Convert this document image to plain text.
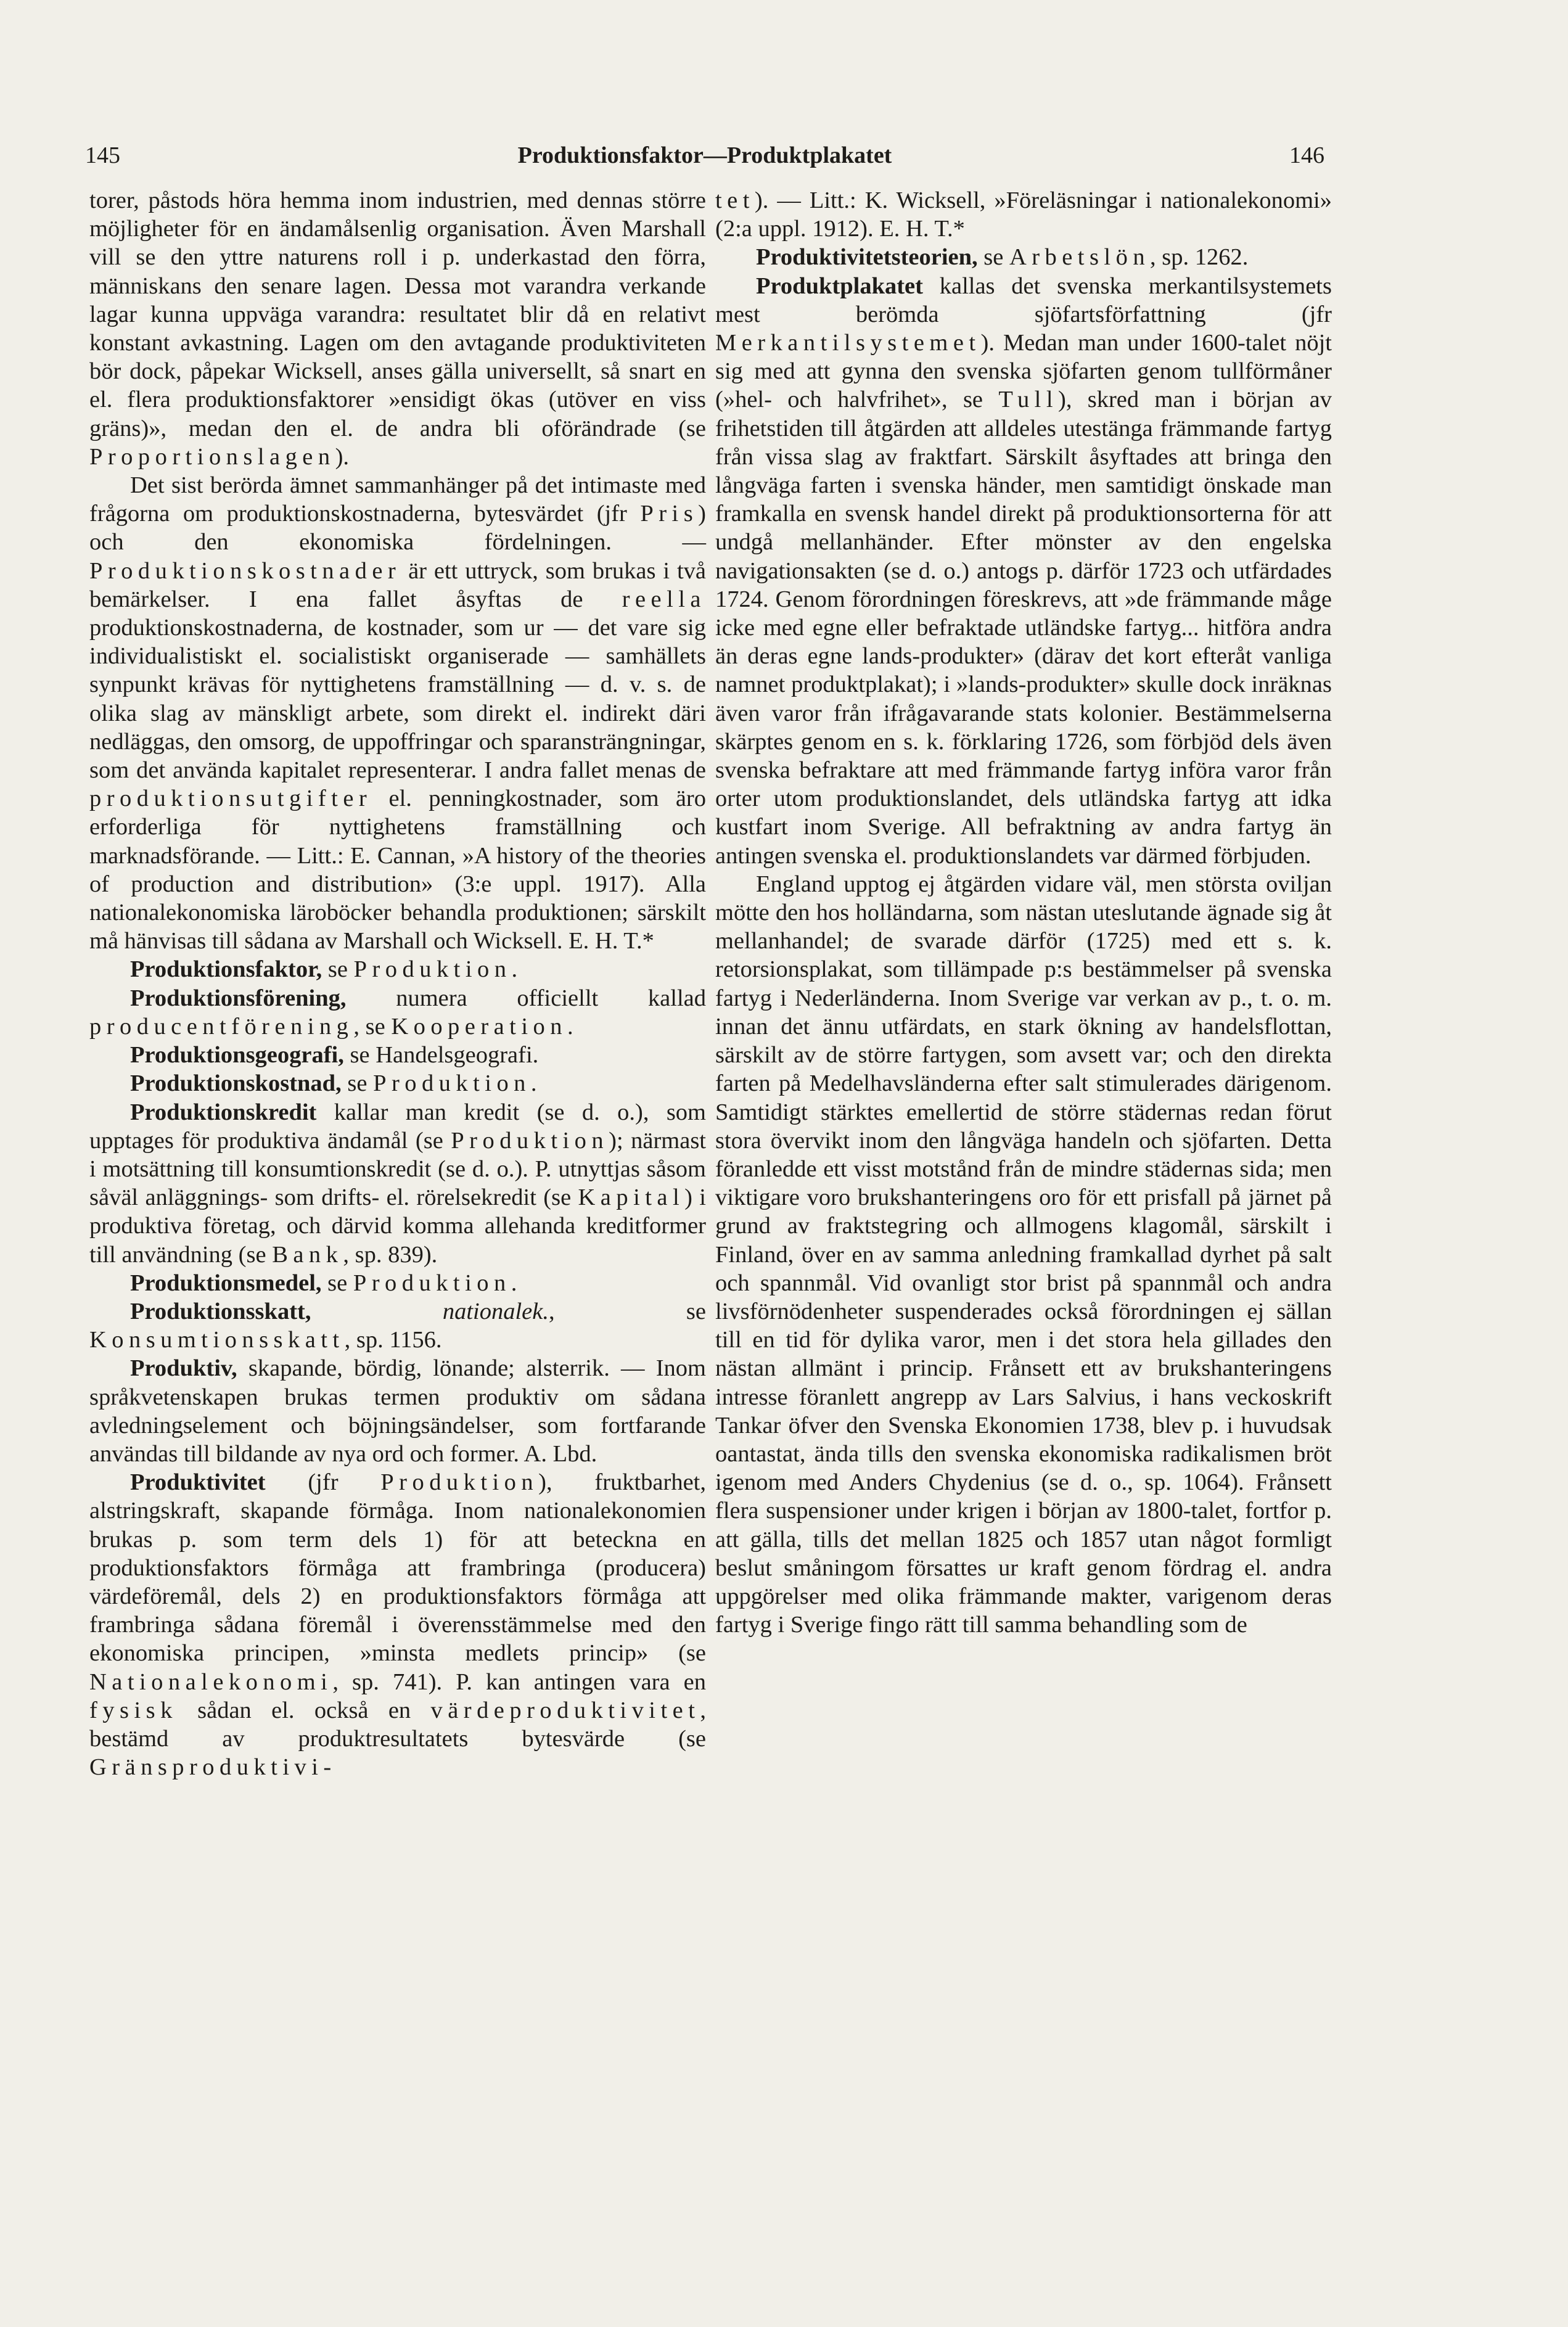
145	Produktionsfaktor—Produktplakatet	146

torer, påstods höra hemma inom industrien, med dennas större möjligheter för en ändamålsenlig organisation. Även Marshall vill se den yttre naturens roll i p. underkastad den förra, människans den senare lagen. Dessa mot varandra verkande lagar kunna uppväga varandra: resultatet blir då en relativt konstant avkastning. Lagen om den avtagande produktiviteten bör dock, påpekar Wicksell, anses gälla universellt, så snart en el. flera produktionsfaktorer »ensidigt ökas (utöver en viss gräns)», medan den el. de andra bli oförändrade (se Proportionslagen).

Det sist berörda ämnet sammanhänger på det intimaste med frågorna om produktionskostnaderna, bytesvärdet (jfr Pris) och den ekonomiska fördelningen. — Produktionskostnader är ett uttryck, som brukas i två bemärkelser. I ena fallet åsyftas de reella produktionskostnaderna, de kostnader, som ur — det vare sig individualistiskt el. socialistiskt organiserade — samhällets synpunkt krävas för nyttighetens framställning — d. v. s. de olika slag av mänskligt arbete, som direkt el. indirekt däri nedläggas, den omsorg, de uppoffringar och sparansträngningar, som det använda kapitalet representerar. I andra fallet menas de produktionsutgifter el. penningkostnader, som äro erforderliga för nyttighetens framställning och marknadsförande. — Litt.: E. Cannan, »A history of the theories of production and distribution» (3:e uppl. 1917). Alla nationalekonomiska läroböcker behandla produktionen; särskilt må hänvisas till sådana av Marshall och Wicksell. E. H. T.*

Produktionsfaktor, se Produktion.

Produktionsförening, numera officiellt kallad producentförening, se Kooperation.

Produktionsgeografi, se Handelsgeografi.

Produktionskostnad, se Produktion.

Produktionskredit kallar man kredit (se d. o.), som upptages för produktiva ändamål (se Produktion); närmast i motsättning till konsumtionskredit (se d. o.). P. utnyttjas såsom såväl anläggnings- som drifts- el. rörelsekredit (se Kapital) i produktiva företag, och därvid komma allehanda kreditformer till användning (se Bank, sp. 839).

Produktionsmedel, se Produktion.

Produktionsskatt,	nationalek., se Konsumtionsskatt, sp. 1156.

Produktiv, skapande, bördig, lönande; alsterrik. — Inom språkvetenskapen brukas termen produktiv om sådana avledningselement och böjningsändelser, som fortfarande användas till bildande av nya ord och former. A. Lbd.

Produktivitet (jfr Produktion), fruktbarhet, alstringskraft, skapande förmåga. Inom nationalekonomien brukas p. som term dels 1) för att beteckna en produktionsfaktors förmåga att frambringa (producera) värdeföremål, dels 2) en produktionsfaktors förmåga att frambringa sådana föremål i överensstämmelse med den ekonomiska principen, »minsta medlets princip» (se Nationalekonomi, sp. 741). P. kan antingen vara en fysisk sådan el. också en värdeproduktivitet, bestämd av produktresultatets bytesvärde (se Gränsproduktivi-

tet). — Litt.: K. Wicksell, »Föreläsningar i nationalekonomi» (2:a uppl. 1912). E. H. T.*

Produktivitetsteorien, se Arbetslön, sp. 1262.

Produktplakatet kallas det svenska merkantilsystemets mest berömda sjöfartsförfattning (jfr Merkantilsystemet). Medan man under 1600-talet nöjt sig med att gynna den svenska sjöfarten genom tullförmåner (»hel- och halvfrihet», se Tull), skred man i början av frihetstiden till åtgärden att alldeles utestänga främmande fartyg från vissa slag av fraktfart. Särskilt åsyftades att bringa den långväga farten i svenska händer, men samtidigt önskade man framkalla en svensk handel direkt på produktionsorterna för att undgå mellanhänder. Efter mönster av den engelska navigationsakten (se d. o.) antogs p. därför 1723 och utfärdades 1724. Genom förordningen föreskrevs, att »de främmande måge icke med egne eller befraktade utländske fartyg... hitföra andra än deras egne lands-produkter» (därav det kort efteråt vanliga namnet produktplakat); i »lands-produkter» skulle dock inräknas även varor från ifrågavarande stats kolonier. Bestämmelserna skärptes genom en s. k. förklaring 1726, som förbjöd dels även svenska befraktare att med främmande fartyg införa varor från orter utom produktionslandet, dels utländska fartyg att idka kustfart inom Sverige. All befraktning av andra fartyg än antingen svenska el. produktionslandets var därmed förbjuden.

England upptog ej åtgärden vidare väl, men största oviljan mötte den hos holländarna, som nästan uteslutande ägnade sig åt mellanhandel; de svarade därför (1725) med ett s. k. retorsionsplakat, som tillämpade p:s bestämmelser på svenska fartyg i Nederländerna. Inom Sverige var verkan av p., t. o. m. innan det ännu utfärdats, en stark ökning av handelsflottan, särskilt av de större fartygen, som avsett var; och den direkta farten på Medelhavsländerna efter salt stimulerades därigenom. Samtidigt stärktes emellertid de större städernas redan förut stora övervikt inom den långväga handeln och sjöfarten. Detta föranledde ett visst motstånd från de mindre städernas sida; men viktigare voro brukshanteringens oro för ett prisfall på järnet på grund av fraktstegring och allmogens klagomål, särskilt i Finland, över en av samma anledning framkallad dyrhet på salt och spannmål. Vid ovanligt stor brist på spannmål och andra livsförnödenheter suspenderades också förordningen ej sällan till en tid för dylika varor, men i det stora hela gillades den nästan allmänt i princip. Frånsett ett av brukshanteringens intresse föranlett angrepp av Lars Salvius, i hans veckoskrift Tankar öfver den Svenska Ekonomien 1738, blev p. i huvudsak oantastat, ända tills den svenska ekonomiska radikalismen bröt igenom med Anders Chydenius (se d. o., sp. 1064). Frånsett flera suspensioner under krigen i början av 1800-talet, fortfor p. att gälla, tills det mellan 1825 och 1857 utan något formligt beslut småningom försattes ur kraft genom fördrag el. andra uppgörelser med olika främmande makter, varigenom deras fartyg i Sverige fingo rätt till samma behandling som de
